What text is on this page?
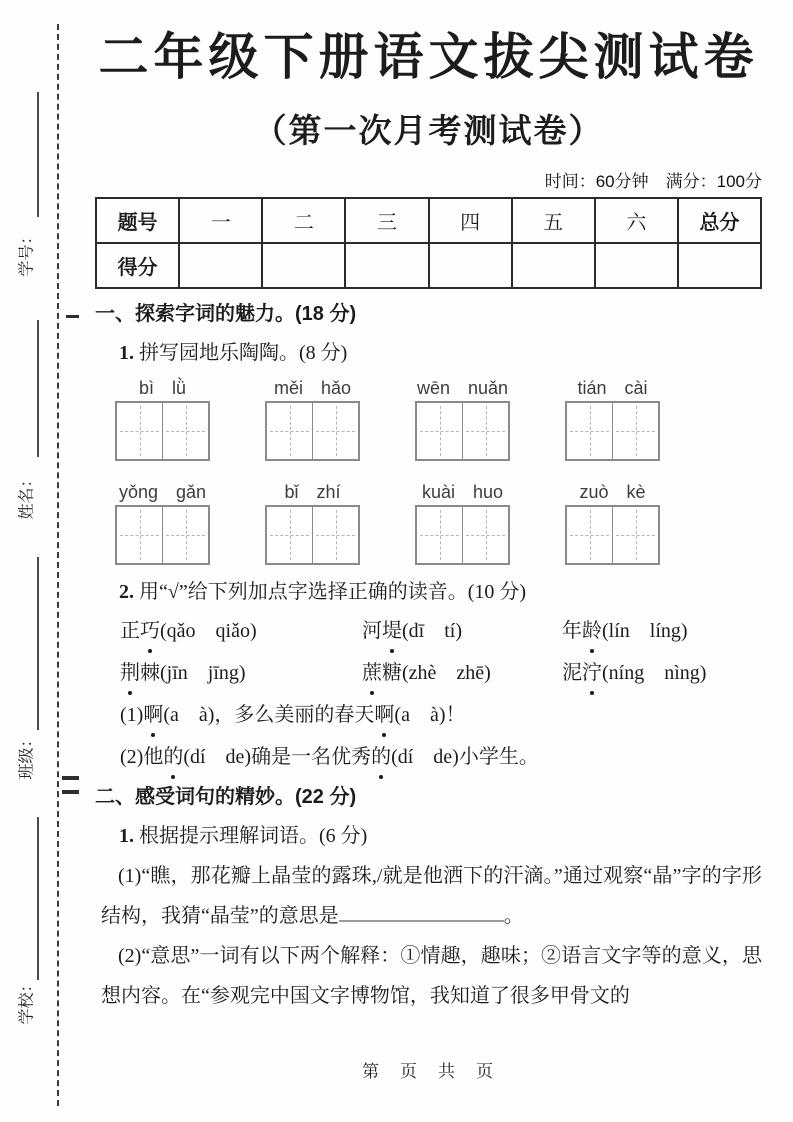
学号：
姓名：
班级：
学校：
二年级下册语文拔尖测试卷
（第一次月考测试卷）
时间：60分钟　满分：100分
题号	一	二	三	四	五	六	总分
得分							
一、探索字词的魅力。(18 分)
1. 拼写园地乐陶陶。(8 分)
bì　lǜ	měi　hǎo	wēn　nuǎn	tián　cài
yǒng　gǎn	bǐ　zhí	kuài　huo	zuò　kè
2. 用“√”给下列加点字选择正确的读音。(10 分)
正巧(qǎo　qiǎo)	河堤(dī　tí)	年龄(lín　líng)
荆棘(jīn　jīng)	蔗糖(zhè　zhē)	泥泞(níng　nìng)
(1)啊(a　à)，多么美丽的春天啊(a　à)！
(2)他的(dí　de)确是一名优秀的(dí　de)小学生。
二、感受词句的精妙。(22 分)
1. 根据提示理解词语。(6 分)
(1)“瞧，那花瓣上晶莹的露珠,/就是他洒下的汗滴。”通过观察“晶”字的字形结构，我猜“晶莹”的意思是	。
(2)“意思”一词有以下两个解释：①情趣，趣味；②语言文字等的意义，思想内容。在“参观完中国文字博物馆，我知道了很多甲骨文的
第　页　共　页
